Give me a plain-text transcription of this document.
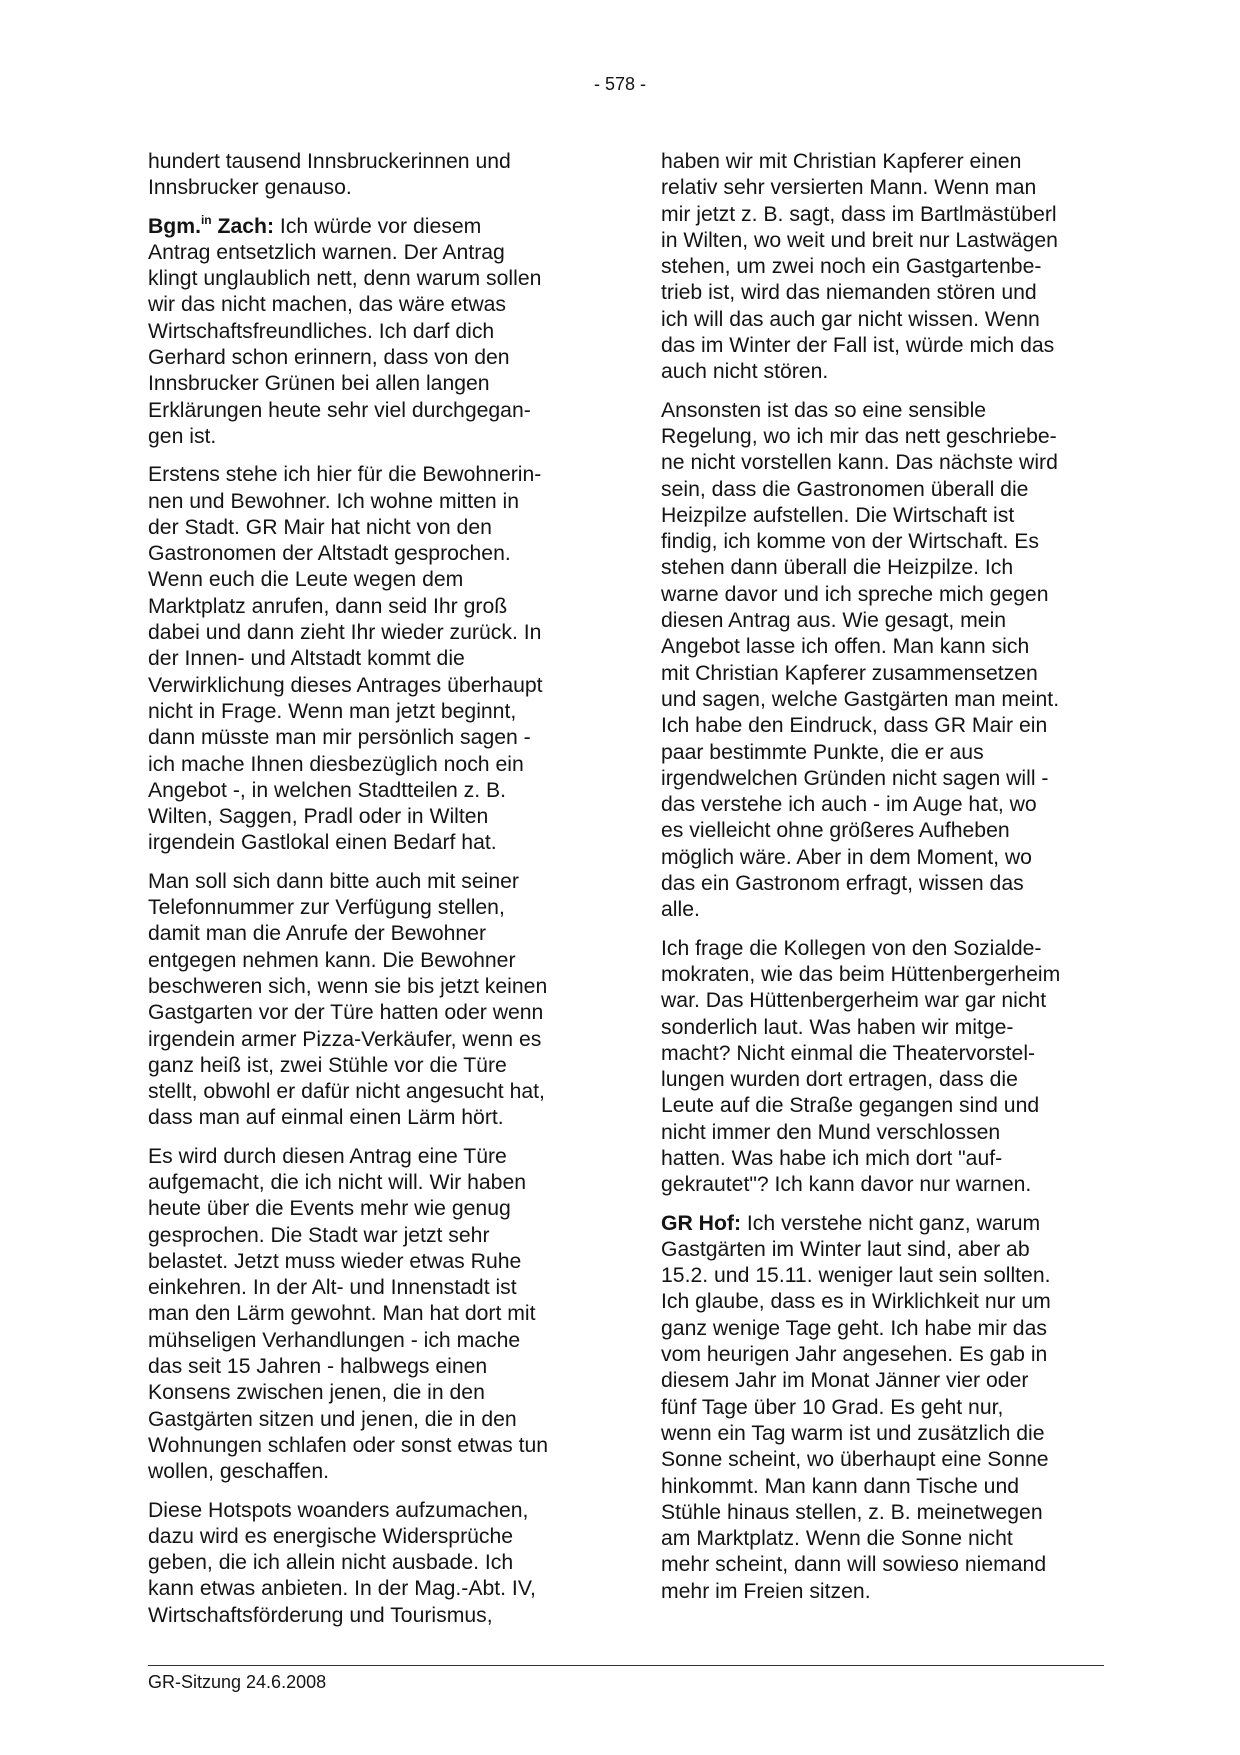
- 578 -

hundert tausend Innsbruckerinnen und
Innsbrucker genauso.

Bgm.$^{in}$ Zach: Ich würde vor diesem
Antrag entsetzlich warnen. Der Antrag
klingt unglaublich nett, denn warum sollen
wir das nicht machen, das wäre etwas
Wirtschaftsfreundliches. Ich darf dich
Gerhard schon erinnern, dass von den
Innsbrucker Grünen bei allen langen
Erklärungen heute sehr viel durchgegan-
gen ist.

Erstens stehe ich hier für die Bewohnerin-
nen und Bewohner. Ich wohne mitten in
der Stadt. GR Mair hat nicht von den
Gastronomen der Altstadt gesprochen.
Wenn euch die Leute wegen dem
Marktplatz anrufen, dann seid Ihr groß
dabei und dann zieht Ihr wieder zurück. In
der Innen- und Altstadt kommt die
Verwirklichung dieses Antrages überhaupt
nicht in Frage. Wenn man jetzt beginnt,
dann müsste man mir persönlich sagen -
ich mache Ihnen diesbezüglich noch ein
Angebot -, in welchen Stadtteilen z. B.
Wilten, Saggen, Pradl oder in Wilten
irgendein Gastlokal einen Bedarf hat.

Man soll sich dann bitte auch mit seiner
Telefonnummer zur Verfügung stellen,
damit man die Anrufe der Bewohner
entgegen nehmen kann. Die Bewohner
beschweren sich, wenn sie bis jetzt keinen
Gastgarten vor der Türe hatten oder wenn
irgendein armer Pizza-Verkäufer, wenn es
ganz heiß ist, zwei Stühle vor die Türe
stellt, obwohl er dafür nicht angesucht hat,
dass man auf einmal einen Lärm hört.

Es wird durch diesen Antrag eine Türe
aufgemacht, die ich nicht will. Wir haben
heute über die Events mehr wie genug
gesprochen. Die Stadt war jetzt sehr
belastet. Jetzt muss wieder etwas Ruhe
einkehren. In der Alt- und Innenstadt ist
man den Lärm gewohnt. Man hat dort mit
mühseligen Verhandlungen - ich mache
das seit 15 Jahren - halbwegs einen
Konsens zwischen jenen, die in den
Gastgärten sitzen und jenen, die in den
Wohnungen schlafen oder sonst etwas tun
wollen, geschaffen.

Diese Hotspots woanders aufzumachen,
dazu wird es energische Widersprüche
geben, die ich allein nicht ausbade. Ich
kann etwas anbieten. In der Mag.-Abt. IV,
Wirtschaftsförderung und Tourismus,

haben wir mit Christian Kapferer einen
relativ sehr versierten Mann. Wenn man
mir jetzt z. B. sagt, dass im Bartlmästüberl
in Wilten, wo weit und breit nur Lastwägen
stehen, um zwei noch ein Gastgartenbe-
trieb ist, wird das niemanden stören und
ich will das auch gar nicht wissen. Wenn
das im Winter der Fall ist, würde mich das
auch nicht stören.

Ansonsten ist das so eine sensible
Regelung, wo ich mir das nett geschriebe-
ne nicht vorstellen kann. Das nächste wird
sein, dass die Gastronomen überall die
Heizpilze aufstellen. Die Wirtschaft ist
findig, ich komme von der Wirtschaft. Es
stehen dann überall die Heizpilze. Ich
warne davor und ich spreche mich gegen
diesen Antrag aus. Wie gesagt, mein
Angebot lasse ich offen. Man kann sich
mit Christian Kapferer zusammensetzen
und sagen, welche Gastgärten man meint.
Ich habe den Eindruck, dass GR Mair ein
paar bestimmte Punkte, die er aus
irgendwelchen Gründen nicht sagen will -
das verstehe ich auch - im Auge hat, wo
es vielleicht ohne größeres Aufheben
möglich wäre. Aber in dem Moment, wo
das ein Gastronom erfragt, wissen das
alle.

Ich frage die Kollegen von den Sozialde-
mokraten, wie das beim Hüttenbergerheim
war. Das Hüttenbergerheim war gar nicht
sonderlich laut. Was haben wir mitge-
macht? Nicht einmal die Theatervorstel-
lungen wurden dort ertragen, dass die
Leute auf die Straße gegangen sind und
nicht immer den Mund verschlossen
hatten. Was habe ich mich dort "auf-
gekrautet"? Ich kann davor nur warnen.

GR Hof: Ich verstehe nicht ganz, warum
Gastgärten im Winter laut sind, aber ab
15.2. und 15.11. weniger laut sein sollten.
Ich glaube, dass es in Wirklichkeit nur um
ganz wenige Tage geht. Ich habe mir das
vom heurigen Jahr angesehen. Es gab in
diesem Jahr im Monat Jänner vier oder
fünf Tage über 10 Grad. Es geht nur,
wenn ein Tag warm ist und zusätzlich die
Sonne scheint, wo überhaupt eine Sonne
hinkommt. Man kann dann Tische und
Stühle hinaus stellen, z. B. meinetwegen
am Marktplatz. Wenn die Sonne nicht
mehr scheint, dann will sowieso niemand
mehr im Freien sitzen.

GR-Sitzung 24.6.2008
